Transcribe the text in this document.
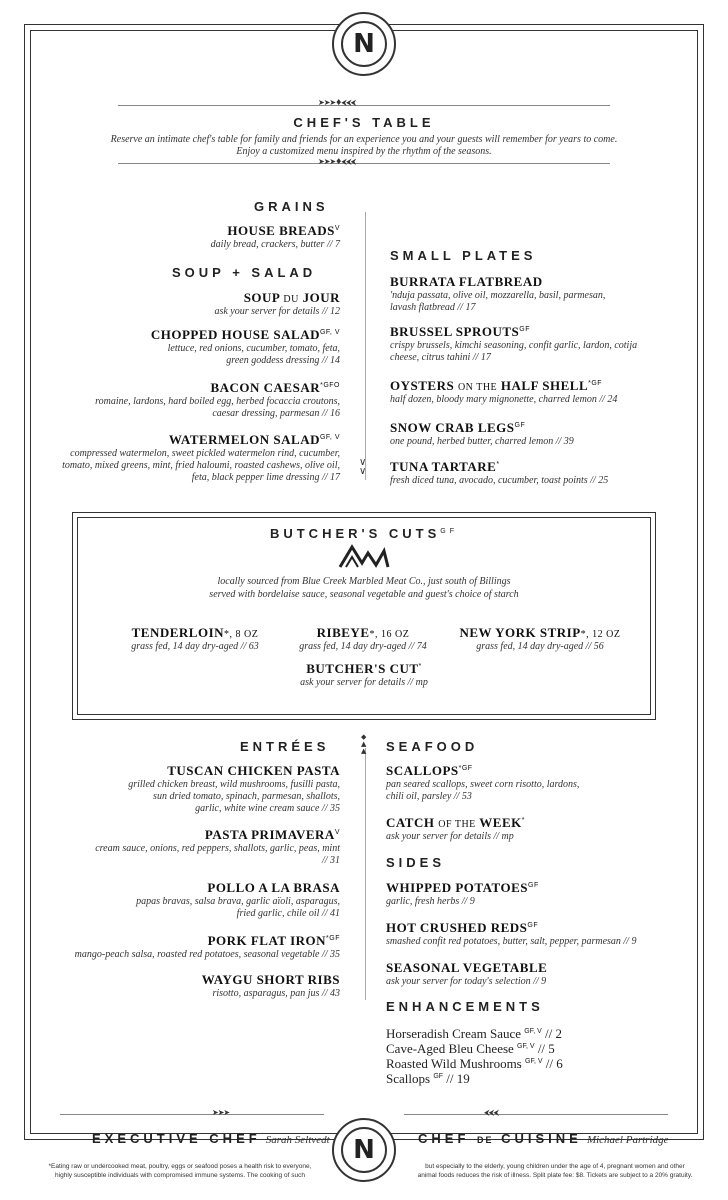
N
➤➤➤♦⮜⮜⮜
CHEF'S TABLE
Reserve an intimate chef's table for family and friends for an experience you and your guests will remember for years to come.
Enjoy a customized menu inspired by the rhythm of the seasons.
➤➤➤♦⮜⮜⮜
GRAINS
HOUSE $BREADS^V$
daily bread, crackers, butter // 7
SOUP + SALAD
SOUP DU JOUR
ask your server for details // 12
CHOPPED HOUSE $SALAD^{GF, V}$
lettuce, red onions, cucumber, tomato, feta,
green goddess dressing // 14
BACON $CAESAR^{*GFO}$
romaine, lardons, hard boiled egg, herbed focaccia croutons,
caesar dressing, parmesan // 16
WATERMELON $SALAD^{GF, V}$
compressed watermelon, sweet pickled watermelon rind, cucumber,
tomato, mixed greens, mint, fried haloumi, roasted cashews, olive oil,
feta, black pepper lime dressing // 17
SMALL PLATES
BURRATA FLATBREAD
'nduja passata, olive oil, mozzarella, basil, parmesan,
lavash flatbread // 17
BRUSSEL $SPROUTS^{GF}$
crispy brussels, kimchi seasoning, confit garlic, lardon, cotija
cheese, citrus tahini // 17
OYSTERS ON THE HALF $SHELL^{*GF}$
half dozen, bloody mary mignonette, charred lemon // 24
SNOW CRAB $LEGS^{GF}$
one pound, herbed butter, charred lemon // 39
TUNA TARTARE*
fresh diced tuna, avocado, cucumber, toast points // 25
∨
∨
BUTCHER'S $CUTS^{GF}$
locally sourced from Blue Creek Marbled Meat Co., just south of Billings
served with bordelaise sauce, seasonal vegetable and guest's choice of starch
TENDERLOIN*, 8 OZ
grass fed, 14 day dry-aged // 63
RIBEYE*, 16 OZ
grass fed, 14 day dry-aged // 74
NEW YORK STRIP*, 12 OZ
grass fed, 14 day dry-aged // 56
BUTCHER'S CUT*
ask your server for details // mp
◆
▲
▲
ENTRÉES
TUSCAN CHICKEN PASTA
grilled chicken breast, wild mushrooms, fusilli pasta,
sun dried tomato, spinach, parmesan, shallots,
garlic, white wine cream sauce // 35
PASTA $PRIMAVERA^V$
cream sauce, onions, red peppers, shallots, garlic, peas, mint
// 31
POLLO A LA BRASA
papas bravas, salsa brava, garlic aïoli, asparagus,
fried garlic, chile oil // 41
PORK FLAT $IRON^{*GF}$
mango-peach salsa, roasted red potatoes, seasonal vegetable // 35
WAYGU SHORT RIBS
risotto, asparagus, pan jus // 43
SEAFOOD
$SCALLOPS^{*GF}$
pan seared scallops, sweet corn risotto, lardons,
chili oil, parsley // 53
CATCH OF THE WEEK*
ask your server for details // mp
SIDES
WHIPPED $POTATOES^{GF}$
garlic, fresh herbs // 9
HOT CRUSHED $REDS^{GF}$
smashed confit red potatoes, butter, salt, pepper, parmesan // 9
SEASONAL VEGETABLE
ask your server for today's selection // 9
ENHANCEMENTS
Horseradish Cream Sauce $^{GF, V}$ // 2
Cave-Aged Bleu Cheese $^{GF, V}$ // 5
Roasted Wild Mushrooms $^{GF, V}$ // 6
Scallops $^{GF}$ // 19
➤➤➤	⮜⮜⮜
EXECUTIVE CHEF Sarah Seltvedt	CHEF DE CUISINE Michael Partridge
N
*Eating raw or undercooked meat, poultry, eggs or seafood poses a health risk to everyone,
highly susceptible individuals with compromised immune systems. The cooking of such
but especially to the elderly, young children under the age of 4, pregnant women and other
animal foods reduces the risk of illness. Split plate fee: $8. Tickets are subject to a 20% gratuity.
